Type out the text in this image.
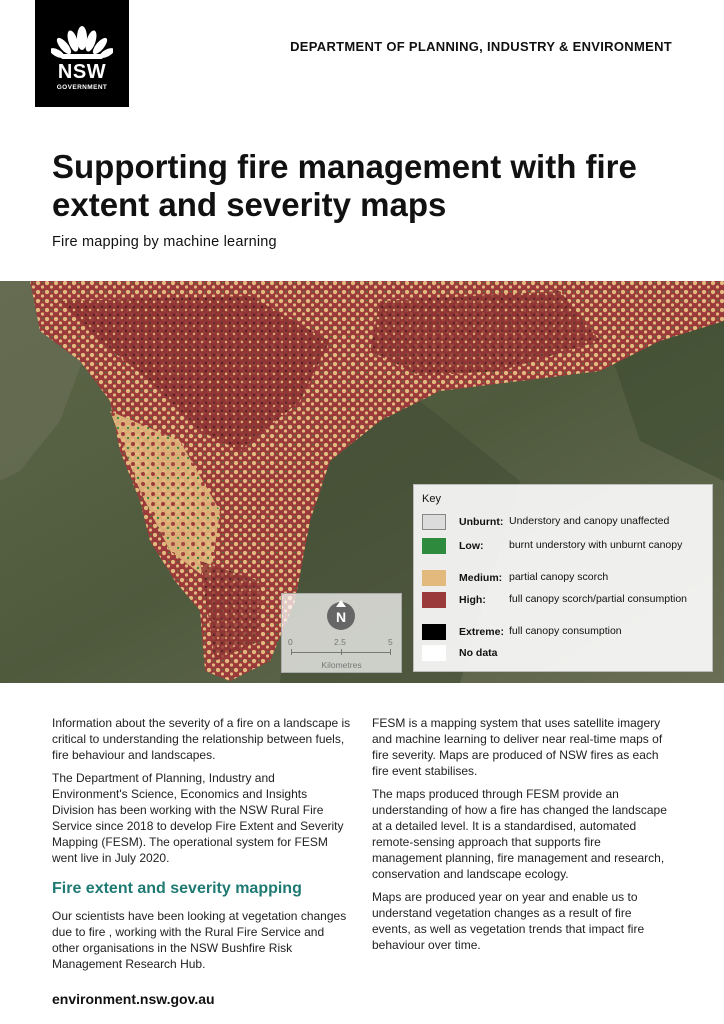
NSW
GOVERNMENT
DEPARTMENT OF PLANNING, INDUSTRY & ENVIRONMENT
Supporting fire management with fire extent and severity maps
Fire mapping by machine learning
N
0	2.5	5
Kilometres
Key
Unburnt: Understory and canopy unaffected
Low: burnt understory with unburnt canopy
Medium: partial canopy scorch
High: full canopy scorch/partial consumption
Extreme: full canopy consumption
No data

Information about the severity of a fire on a landscape is critical to understanding the relationship between fuels, fire behaviour and landscapes.

The Department of Planning, Industry and Environment's Science, Economics and Insights Division has been working with the NSW Rural Fire Service since 2018 to develop Fire Extent and Severity Mapping (FESM). The operational system for FESM went live in July 2020.

Fire extent and severity mapping

Our scientists have been looking at vegetation changes due to fire , working with the Rural Fire Service and other organisations in the NSW Bushfire Risk Management Research Hub.

FESM is a mapping system that uses satellite imagery and machine learning to deliver near real-time maps of fire severity. Maps are produced of NSW fires as each fire event stabilises.

The maps produced through FESM provide an understanding of how a fire has changed the landscape at a detailed level. It is a standardised, automated remote-sensing approach that supports fire management planning, fire management and research, conservation and landscape ecology.

Maps are produced year on year and enable us to understand vegetation changes as a result of fire events, as well as vegetation trends that impact fire behaviour over time.

environment.nsw.gov.au
